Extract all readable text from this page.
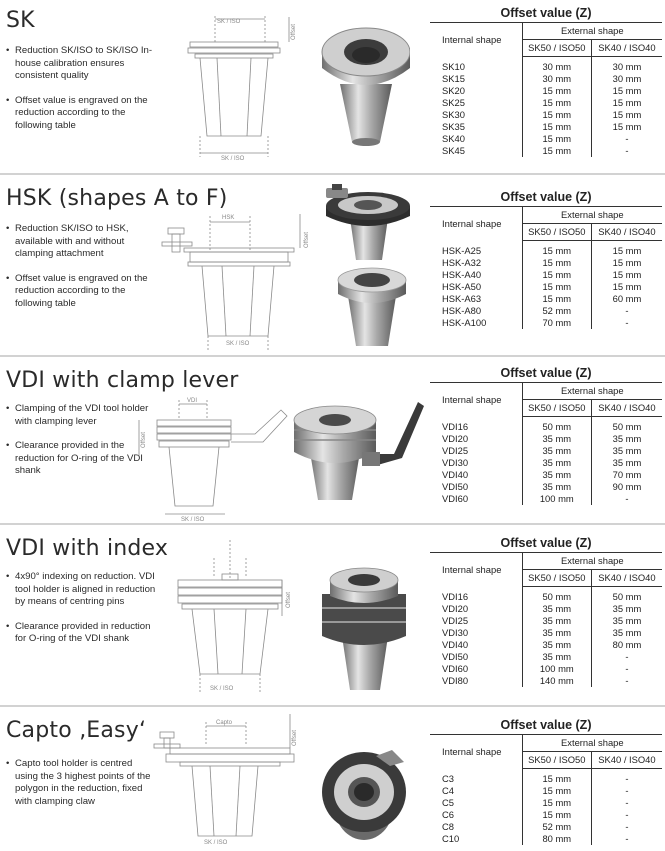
SK
• Reduction SK/ISO to SK/ISO In-house calibration ensures consistent quality
• Offset value is engraved on the reduction according to the following table
SK / ISO
Offset
SK / ISO
Offset value (Z)
Internal shape	External shape	
	SK50 / ISO50	SK40 / ISO40
SK10	30 mm	30 mm
SK15	30 mm	30 mm
SK20	15 mm	15 mm
SK25	15 mm	15 mm
SK30	15 mm	15 mm
SK35	15 mm	15 mm
SK40	15 mm	-
SK45	15 mm	-
HSK (shapes A to F)
• Reduction SK/ISO to HSK, available with and without clamping attachment
• Offset value is engraved on the reduction according to the following table
HSK
Offset
SK / ISO
Offset value (Z)
Internal shape	External shape	
	SK50 / ISO50	SK40 / ISO40
HSK-A25	15 mm	15 mm
HSK-A32	15 mm	15 mm
HSK-A40	15 mm	15 mm
HSK-A50	15 mm	15 mm
HSK-A63	15 mm	60 mm
HSK-A80	52 mm	-
HSK-A100	70 mm	-
VDI with clamp lever
• Clamping of the VDI tool holder with clamping lever
• Clearance provided in the reduction for O-ring of the VDI shank
VDI
Offset
SK / ISO
Offset value (Z)
Internal shape	External shape	
	SK50 / ISO50	SK40 / ISO40
VDI16	50 mm	50 mm
VDI20	35 mm	35 mm
VDI25	35 mm	35 mm
VDI30	35 mm	35 mm
VDI40	35 mm	70 mm
VDI50	35 mm	90 mm
VDI60	100 mm	-
VDI with index
• 4x90° indexing on reduction. VDI tool holder is aligned in reduction by means of centring pins
• Clearance provided in reduction for O-ring of the VDI shank
Offset
SK / ISO
Offset value (Z)
Internal shape	External shape	
	SK50 / ISO50	SK40 / ISO40
VDI16	50 mm	50 mm
VDI20	35 mm	35 mm
VDI25	35 mm	35 mm
VDI30	35 mm	35 mm
VDI40	35 mm	80 mm
VDI50	35 mm	-
VDI60	100 mm	-
VDI80	140 mm	-
Capto ‚Easy‘
• Capto tool holder is centred using the 3 highest points of the polygon in the reduction, fixed with clamping claw
Capto
Offset
SK / ISO
Offset value (Z)
Internal shape	External shape	
	SK50 / ISO50	SK40 / ISO40
C3	15 mm	-
C4	15 mm	-
C5	15 mm	-
C6	15 mm	-
C8	52 mm	-
C10	80 mm	-
